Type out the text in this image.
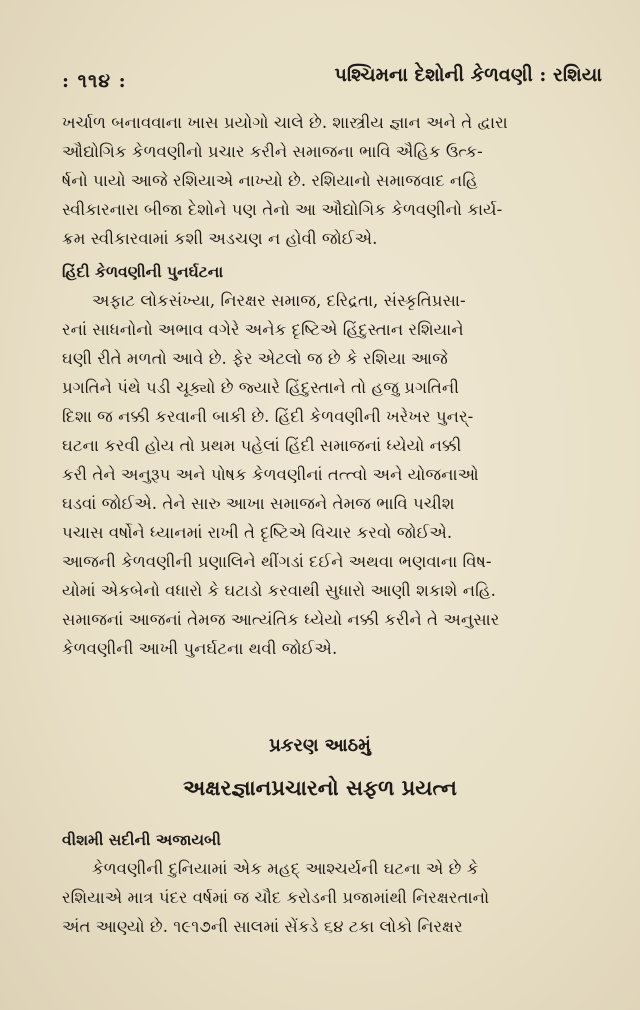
: ૧૧૪ :	પશ્ચિમના દેશોની કેળવણી : રશિયા

ખર્ચાળ બનાવવાના ખાસ પ્રયોગો ચાલે છે. શાસ્ત્રીય જ્ઞાન અને તે દ્વારા
ઔદ્યોગિક કેળવણીનો પ્રચાર કરીને સમાજના ભાવિ ઐહિક ઉત્ક-
ર્ષનો પાયો આજે રશિયાએ નાખ્યો છે. રશિયાનો સમાજવાદ નહિ
સ્વીકારનારા બીજા દેશોને પણ તેનો આ ઔદ્યોગિક કેળવણીનો કાર્ય-
ક્રમ સ્વીકારવામાં કશી અડચણ ન હોવી જોઈએ.

હિંદી કેળવણીની પુનર્ઘટના

અફાટ લોકસંખ્યા, નિરક્ષર સમાજ, દરિદ્રતા, સંસ્કૃતિપ્રસા-
રનાં સાધનોનો અભાવ વગેરે અનેક દૃષ્ટિએ હિંદુસ્તાન રશિયાને
ઘણી રીતે મળતો આવે છે. ફેર એટલો જ છે કે રશિયા આજે
પ્રગતિને પંથે પડી ચૂક્યો છે જ્યારે હિંદુસ્તાને તો હજુ પ્રગતિની
દિશા જ નક્કી કરવાની બાકી છે. હિંદી કેળવણીની ખરેખર પુનર્-
ઘટના કરવી હોય તો પ્રથમ પહેલાં હિંદી સમાજનાં ધ્યેયો નક્કી
કરી તેને અનુરૂપ અને પોષક કેળવણીનાં તત્ત્વો અને યોજનાઓ
ઘડવાં જોઈએ. તેને સારુ આખા સમાજને તેમજ ભાવિ પચીશ
પચાસ વર્ષોને ધ્યાનમાં રાખી તે દૃષ્ટિએ વિચાર કરવો જોઈએ.
આજની કેળવણીની પ્રણાલિને થીંગડાં દઈને અથવા ભણવાના વિષ-
યોમાં એકબેનો વધારો કે ઘટાડો કરવાથી સુધારો આણી શકાશે નહિ.
સમાજનાં આજનાં તેમજ આત્યંતિક ધ્યેયો નક્કી કરીને તે અનુસાર
કેળવણીની આખી પુનર્ઘટના થવી જોઈએ.

પ્રકરણ આઠમું
અક્ષરજ્ઞાનપ્રચારનો સફળ પ્રયત્ન

વીશમી સદીની અજાયબી

કેળવણીની દુનિયામાં એક મહદ્ આશ્ચર્યની ઘટના એ છે કે
રશિયાએ માત્ર પંદર વર્ષમાં જ ચૌદ કરોડની પ્રજામાંથી નિરક્ષરતાનો
અંત આણ્યો છે. ૧૯૧૭ની સાલમાં સેંકડે ૬૪ ટકા લોકો નિરક્ષર
